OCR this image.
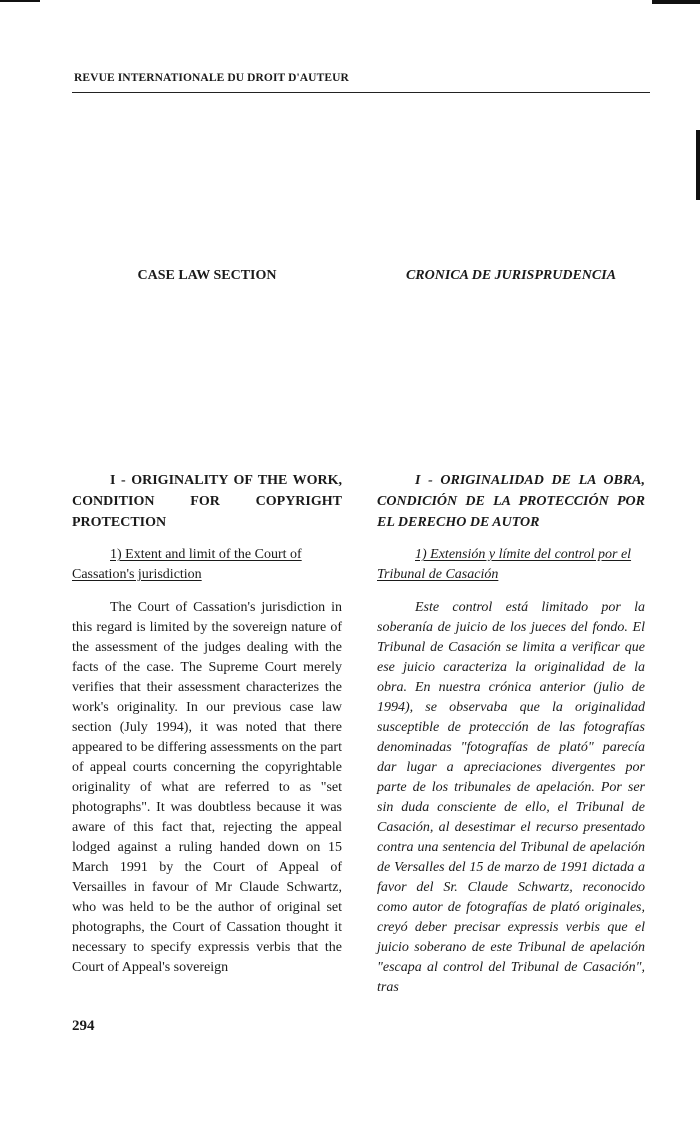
REVUE INTERNATIONALE DU DROIT D'AUTEUR
CASE LAW SECTION	CRONICA DE JURISPRUDENCIA
I - ORIGINALITY OF THE WORK, CONDITION FOR COPYRIGHT PROTECTION
I - ORIGINALIDAD DE LA OBRA, CONDICIÓN DE LA PROTECCIÓN POR EL DERECHO DE AUTOR
1) Extent and limit of the Court of Cassation's jurisdiction
1) Extensión y límite del control por el Tribunal de Casación
The Court of Cassation's jurisdiction in this regard is limited by the sovereign nature of the assessment of the judges dealing with the facts of the case. The Supreme Court merely verifies that their assessment characterizes the work's originality. In our previous case law section (July 1994), it was noted that there appeared to be differing assessments on the part of appeal courts concerning the copyrightable originality of what are referred to as "set photographs". It was doubtless because it was aware of this fact that, rejecting the appeal lodged against a ruling handed down on 15 March 1991 by the Court of Appeal of Versailles in favour of Mr Claude Schwartz, who was held to be the author of original set photographs, the Court of Cassation thought it necessary to specify expressis verbis that the Court of Appeal's sovereign
Este control está limitado por la soberanía de juicio de los jueces del fondo. El Tribunal de Casación se limita a verificar que ese juicio caracteriza la originalidad de la obra. En nuestra crónica anterior (julio de 1994), se observaba que la originalidad susceptible de protección de las fotografías denominadas "fotografías de plató" parecía dar lugar a apreciaciones divergentes por parte de los tribunales de apelación. Por ser sin duda consciente de ello, el Tribunal de Casación, al desestimar el recurso presentado contra una sentencia del Tribunal de apelación de Versalles del 15 de marzo de 1991 dictada a favor del Sr. Claude Schwartz, reconocido como autor de fotografías de plató originales, creyó deber precisar expressis verbis que el juicio soberano de este Tribunal de apelación "escapa al control del Tribunal de Casación", tras
294
